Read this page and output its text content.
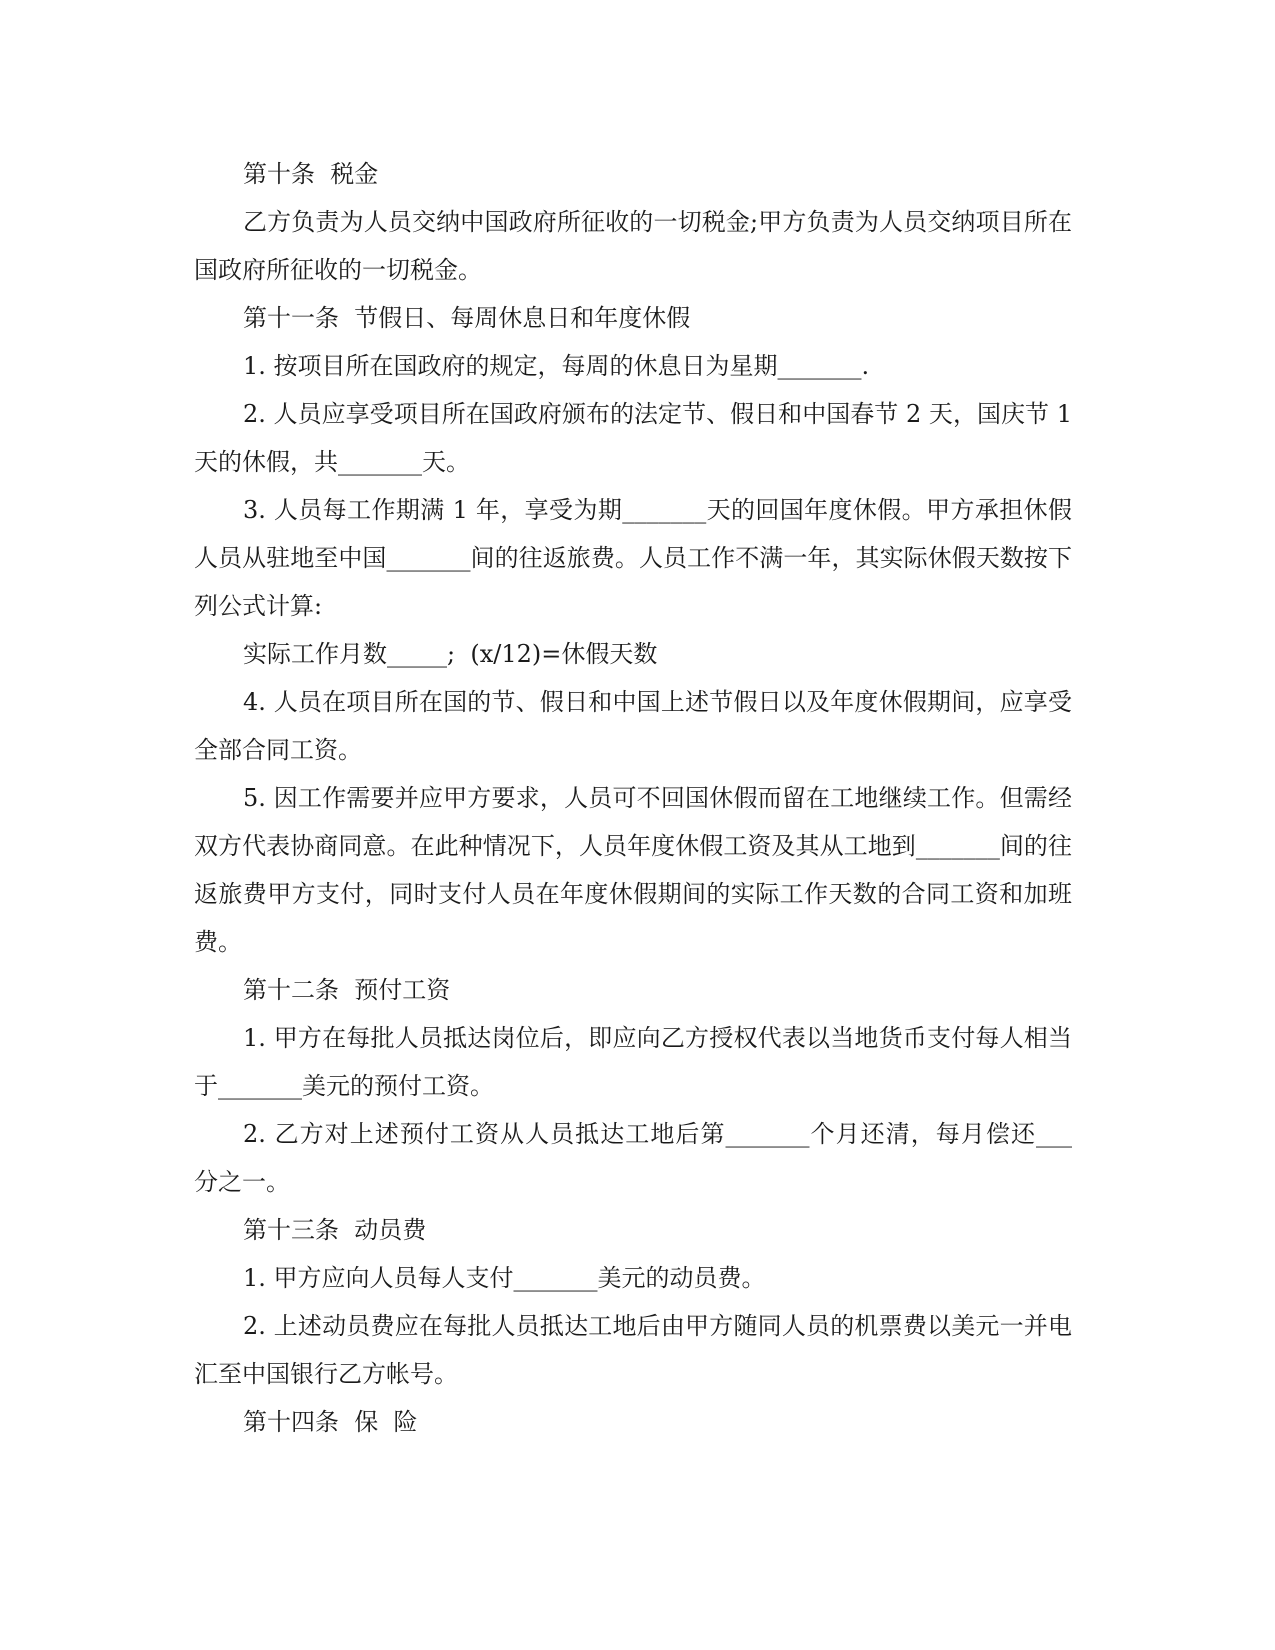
第十条  税金

乙方负责为人员交纳中国政府所征收的一切税金;甲方负责为人员交纳项目所在国政府所征收的一切税金。

第十一条  节假日、每周休息日和年度休假

1. 按项目所在国政府的规定，每周的休息日为星期_______.

2. 人员应享受项目所在国政府颁布的法定节、假日和中国春节 2 天，国庆节 1 天的休假，共_______天。

3. 人员每工作期满 1 年，享受为期_______天的回国年度休假。甲方承担休假人员从驻地至中国_______间的往返旅费。人员工作不满一年，其实际休假天数按下列公式计算:

实际工作月数_____;  (x/12)=休假天数

4. 人员在项目所在国的节、假日和中国上述节假日以及年度休假期间，应享受全部合同工资。

5. 因工作需要并应甲方要求，人员可不回国休假而留在工地继续工作。但需经双方代表协商同意。在此种情况下，人员年度休假工资及其从工地到_______间的往返旅费甲方支付，同时支付人员在年度休假期间的实际工作天数的合同工资和加班费。

第十二条  预付工资

1. 甲方在每批人员抵达岗位后，即应向乙方授权代表以当地货币支付每人相当于_______美元的预付工资。

2. 乙方对上述预付工资从人员抵达工地后第_______个月还清，每月偿还___  分之一。

第十三条  动员费

1. 甲方应向人员每人支付_______美元的动员费。

2. 上述动员费应在每批人员抵达工地后由甲方随同人员的机票费以美元一并电汇至中国银行乙方帐号。

第十四条  保  险
